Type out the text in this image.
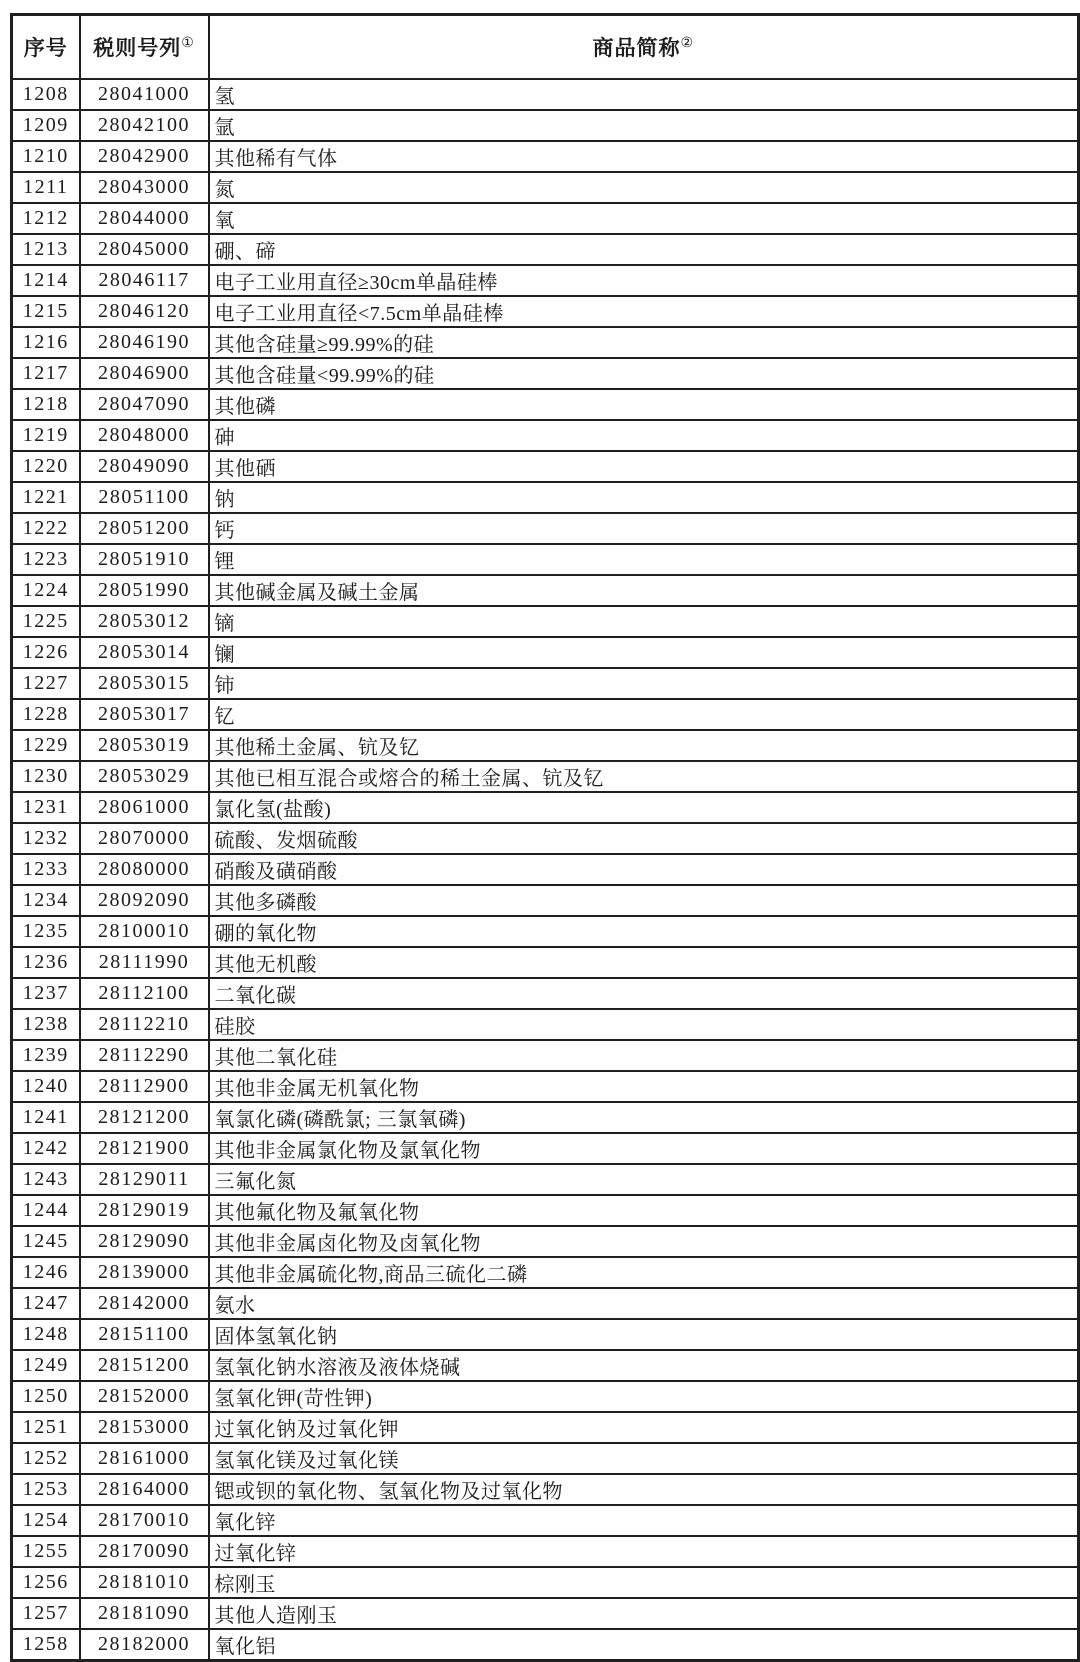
序号	税则号列①	商品简称②
1208	28041000	氢
1209	28042100	氩
1210	28042900	其他稀有气体
1211	28043000	氮
1212	28044000	氧
1213	28045000	硼、碲
1214	28046117	电子工业用直径≥30cm单晶硅棒
1215	28046120	电子工业用直径<7.5cm单晶硅棒
1216	28046190	其他含硅量≥99.99%的硅
1217	28046900	其他含硅量<99.99%的硅
1218	28047090	其他磷
1219	28048000	砷
1220	28049090	其他硒
1221	28051100	钠
1222	28051200	钙
1223	28051910	锂
1224	28051990	其他碱金属及碱土金属
1225	28053012	镝
1226	28053014	镧
1227	28053015	铈
1228	28053017	钇
1229	28053019	其他稀土金属、钪及钇
1230	28053029	其他已相互混合或熔合的稀土金属、钪及钇
1231	28061000	氯化氢(盐酸)
1232	28070000	硫酸、发烟硫酸
1233	28080000	硝酸及磺硝酸
1234	28092090	其他多磷酸
1235	28100010	硼的氧化物
1236	28111990	其他无机酸
1237	28112100	二氧化碳
1238	28112210	硅胶
1239	28112290	其他二氧化硅
1240	28112900	其他非金属无机氧化物
1241	28121200	氧氯化磷(磷酰氯; 三氯氧磷)
1242	28121900	其他非金属氯化物及氯氧化物
1243	28129011	三氟化氮
1244	28129019	其他氟化物及氟氧化物
1245	28129090	其他非金属卤化物及卤氧化物
1246	28139000	其他非金属硫化物,商品三硫化二磷
1247	28142000	氨水
1248	28151100	固体氢氧化钠
1249	28151200	氢氧化钠水溶液及液体烧碱
1250	28152000	氢氧化钾(苛性钾)
1251	28153000	过氧化钠及过氧化钾
1252	28161000	氢氧化镁及过氧化镁
1253	28164000	锶或钡的氧化物、氢氧化物及过氧化物
1254	28170010	氧化锌
1255	28170090	过氧化锌
1256	28181010	棕刚玉
1257	28181090	其他人造刚玉
1258	28182000	氧化铝
